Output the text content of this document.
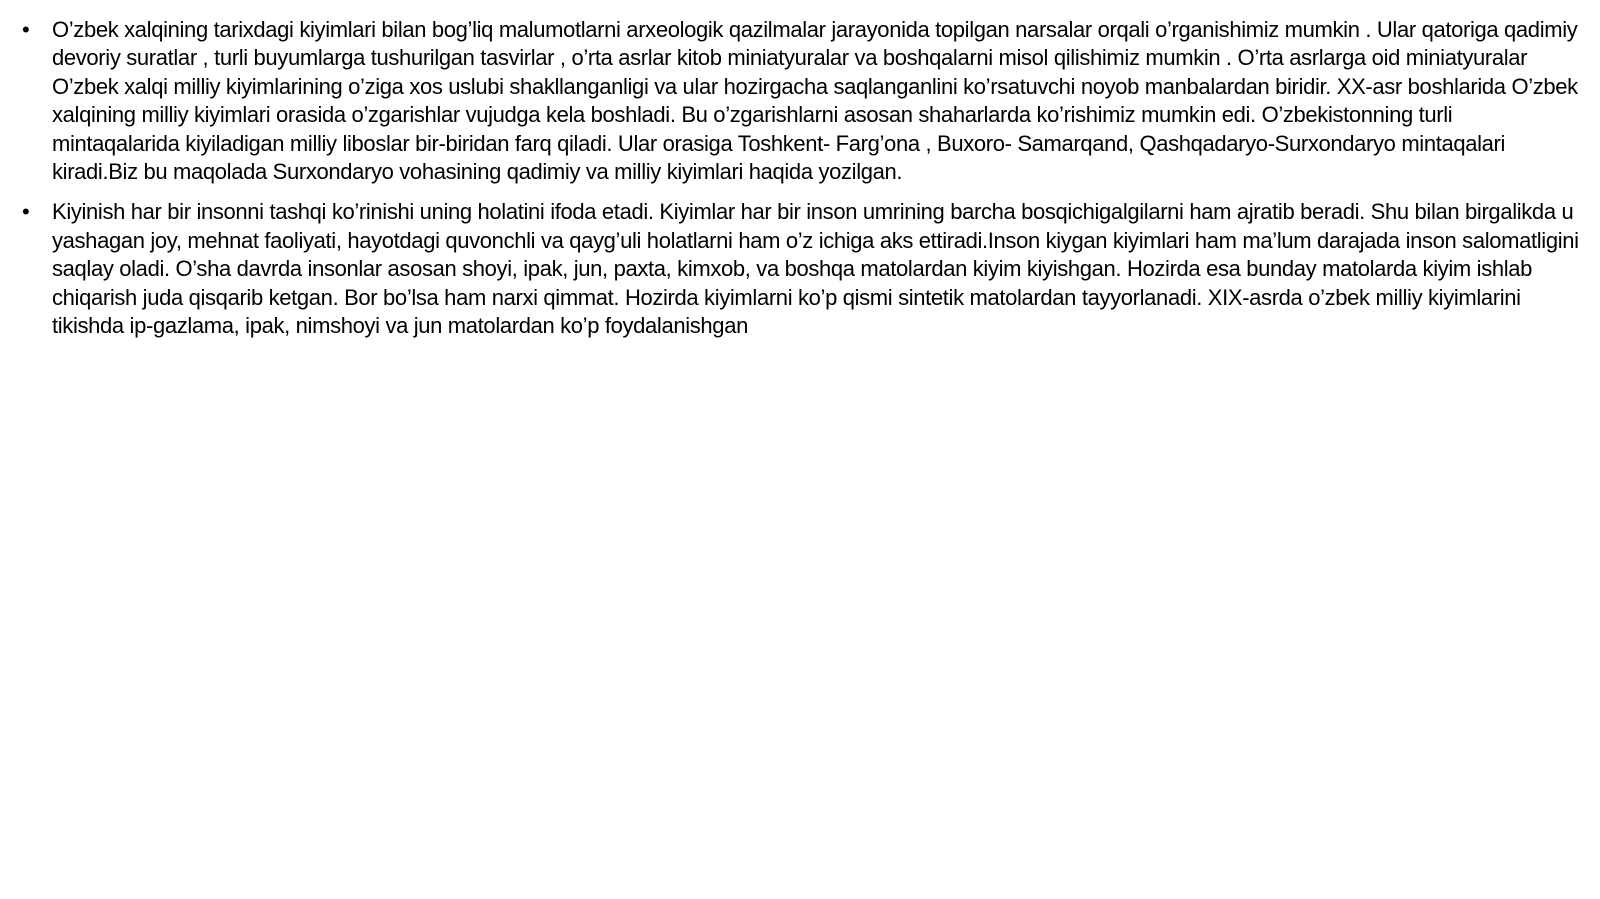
• O’zbek xalqining tarixdagi kiyimlari bilan bog’liq malumotlarni arxeologik qazilmalar jarayonida topilgan narsalar orqali o’rganishimiz mumkin . Ular qatoriga qadimiy devoriy suratlar , turli buyumlarga tushurilgan tasvirlar , o’rta asrlar kitob miniatyuralar va boshqalarni misol qilishimiz mumkin . O’rta asrlarga oid miniatyuralar O’zbek xalqi milliy kiyimlarining o’ziga xos uslubi shakllanganligi va ular hozirgacha saqlanganlini ko’rsatuvchi noyob manbalardan biridir. XX-asr boshlarida O’zbek xalqining milliy kiyimlari orasida o’zgarishlar vujudga kela boshladi. Bu o’zgarishlarni asosan shaharlarda ko’rishimiz mumkin edi. O’zbekistonning turli mintaqalarida kiyiladigan milliy liboslar bir-biridan farq qiladi. Ular orasiga Toshkent- Farg’ona , Buxoro- Samarqand, Qashqadaryo-Surxondaryo mintaqalari kiradi.Biz bu maqolada Surxondaryo vohasining qadimiy va milliy kiyimlari haqida yozilgan.
• Kiyinish har bir insonni tashqi ko’rinishi uning holatini ifoda etadi. Kiyimlar har bir inson umrining barcha bosqichigalgilarni ham ajratib beradi. Shu bilan birgalikda u yashagan joy, mehnat faoliyati, hayotdagi quvonchli va qayg’uli holatlarni ham o’z ichiga aks ettiradi.Inson kiygan kiyimlari ham ma’lum darajada inson salomatligini saqlay oladi. O’sha davrda insonlar asosan shoyi, ipak, jun, paxta, kimxob, va boshqa matolardan kiyim kiyishgan. Hozirda esa bunday matolarda kiyim ishlab chiqarish juda qisqarib ketgan. Bor bo’lsa ham narxi qimmat. Hozirda kiyimlarni ko’p qismi sintetik matolardan tayyorlanadi. XIX-asrda o’zbek milliy kiyimlarini tikishda ip-gazlama, ipak, nimshoyi va jun matolardan ko’p foydalanishgan
